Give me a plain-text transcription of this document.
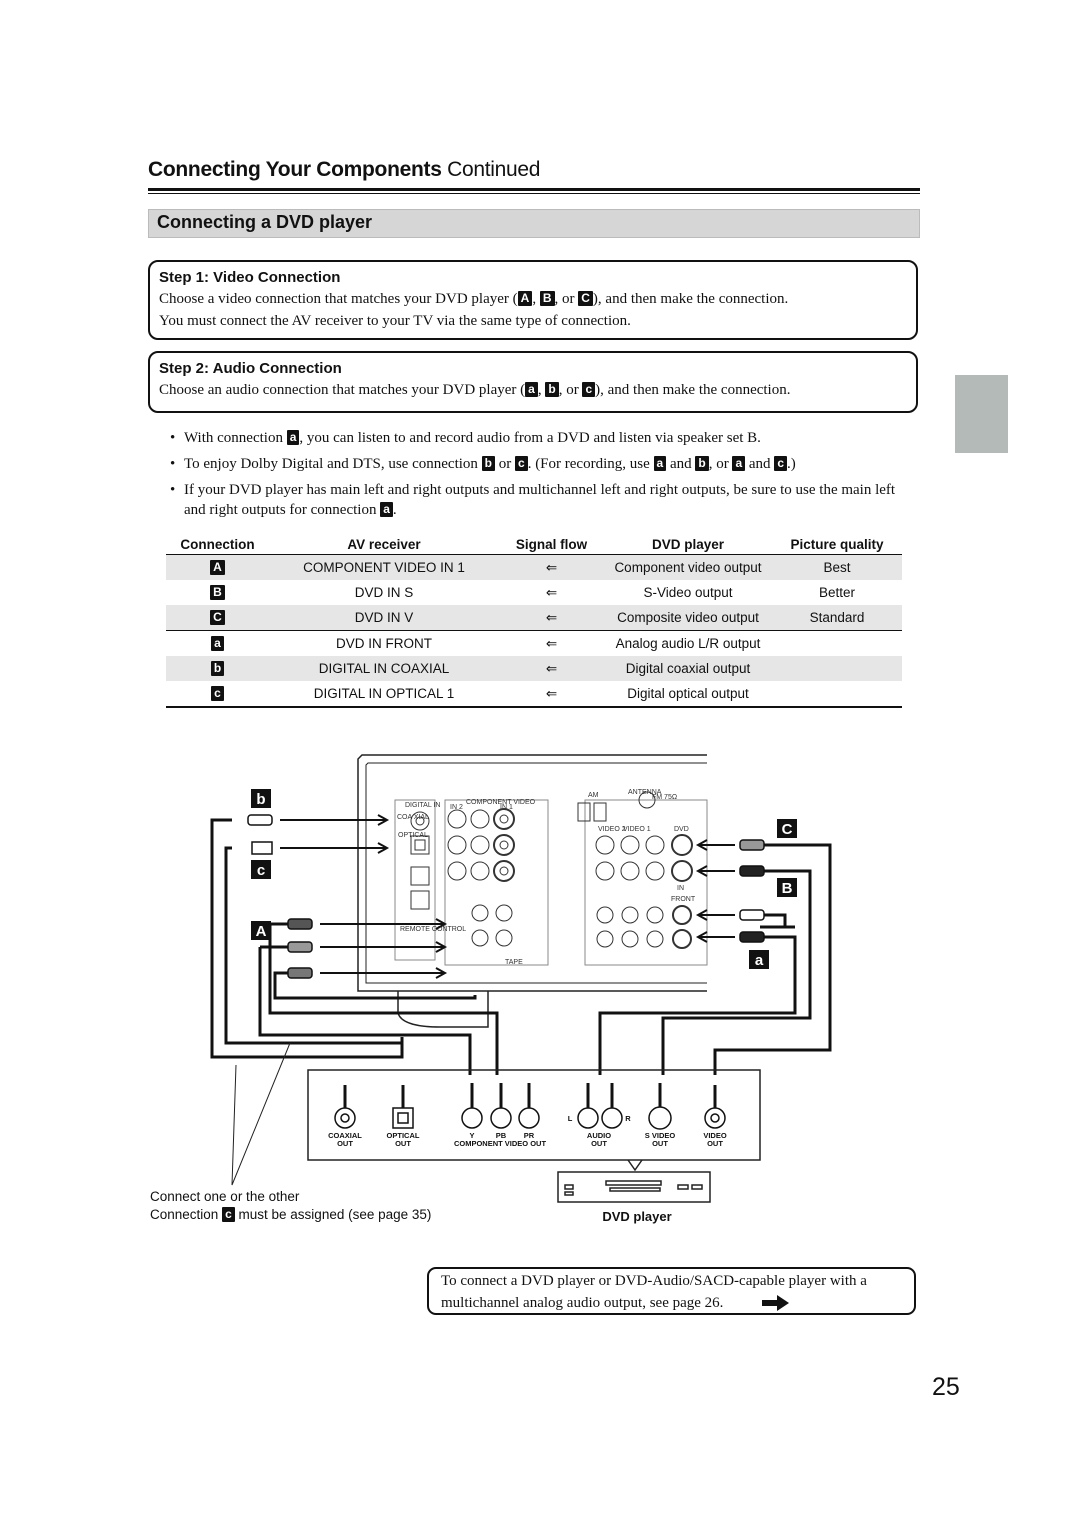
Connecting Your Components Continued
Connecting a DVD player
Step 1: Video Connection
Choose a video connection that matches your DVD player ( A , B , or C ), and then make the connection.
You must connect the AV receiver to your TV via the same type of connection.
Step 2: Audio Connection
Choose an audio connection that matches your DVD player ( a , b , or c ), and then make the connection.
• With connection a , you can listen to and record audio from a DVD and listen via speaker set B.
• To enjoy Dolby Digital and DTS, use connection b or c . (For recording, use a and b , or a and c .)
• If your DVD player has main left and right outputs and multichannel left and right outputs, be sure to use the main left and right outputs for connection a .
Connection	AV receiver	Signal flow	DVD player	Picture quality
A	COMPONENT VIDEO IN 1	⇐	Component video output	Best
B	DVD IN S	⇐	S-Video output	Better
C	DVD IN V	⇐	Composite video output	Standard
a	DVD IN FRONT	⇐	Analog audio L/R output	
b	DIGITAL IN COAXIAL	⇐	Digital coaxial output	
c	DIGITAL IN OPTICAL 1	⇐	Digital optical output	
DIGITAL IN
COA XIAL
OPTICAL
COMPONENT VIDEO
IN 2	IN 1
REMOTE CONTROL
TAPE
ANTENNA
AM	FM 75Ω
VIDEO 2
VIDEO 1	DVD
IN
FRONT
b
c
A
C
B
a
COAXIAL
OUT
OPTICAL
OUT
Y	PB PR
COMPONENT VIDEO OUT
L	R
AUDIO
OUT
S VIDEO
OUT
VIDEO
OUT
DVD player
Connect one or the other
Connection c must be assigned (see page 35)
To connect a DVD player or DVD-Audio/SACD-capable player with a
multichannel analog audio output, see page 26.
25
